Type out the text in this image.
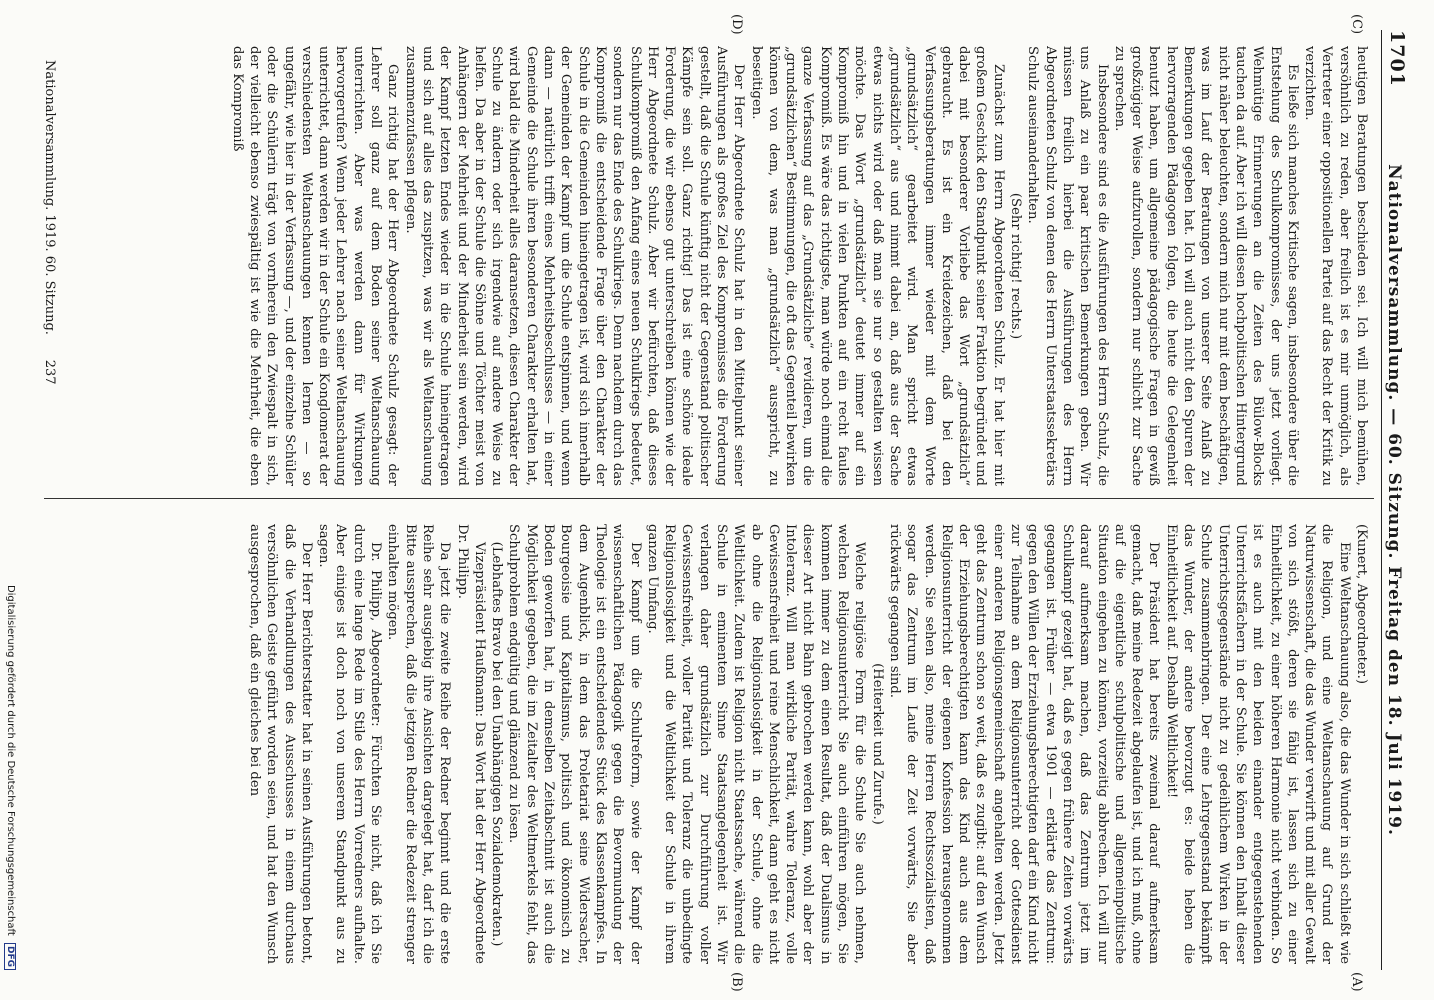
1701
Nationalversammlung. — 60. Sitzung. Freitag den 18. Juli 1919.
(C)
(D)
(A)
(B)

heutigen Beratungen beschieden sei. Ich will mich bemühen, versöhnlich zu reden, aber freilich ist es mir unmöglich, als Vertreter einer oppositionellen Partei auf das Recht der Kritik zu verzichten.

Es ließe sich manches Kritische sagen, insbesondere über die Entstehung des Schulkompromisses, der uns jetzt vorliegt. Wehmütige Erinnerungen an die Zeiten des Bülow-Blocks tauchen da auf. Aber ich will diesen hochpolitischen Hintergrund nicht näher beleuchten, sondern mich nur mit dem beschäftigen, was im Lauf der Beratungen von unserer Seite Anlaß zu Bemerkungen gegeben hat. Ich will auch nicht den Spuren der hervorragenden Pädagogen folgen, die heute die Gelegenheit benutzt haben, um allgemeine pädagogische Fragen in gewiß großzügiger Weise aufzurollen, sondern nur schlicht zur Sache zu sprechen.

Insbesondere sind es die Ausführungen des Herrn Schulz, die uns Anlaß zu ein paar kritischen Bemerkungen geben. Wir müssen freilich hierbei die Ausführungen des Herrn Abgeordneten Schulz von denen des Herrn Unterstaatssekretärs Schulz auseinanderhalten.

(Sehr richtig! rechts.)

Zunächst zum Herrn Abgeordneten Schulz. Er hat hier mit großem Geschick den Standpunkt seiner Fraktion begründet und dabei mit besonderer Vorliebe das Wort „grundsätzlich“ gebraucht. Es ist ein Kreidezeichen, daß bei den Verfassungsberatungen immer wieder mit dem Worte „grundsätzlich“ gearbeitet wird. Man spricht etwas „grundsätzlich“ aus und nimmt dabei an, daß aus der Sache etwas nichts wird oder daß man sie nur so gestalten wissen möchte. Das Wort „grundsätzlich“ deutet immer auf ein Kompromiß hin und in vielen Punkten auf ein recht faules Kompromiß. Es wäre das richtigste, man würde noch einmal die ganze Verfassung auf das „Grundsätzliche“ revidieren, um die „grundsätzlichen“ Bestimmungen, die oft das Gegenteil bewirken können von dem, was man „grundsätzlich“ ausspricht, zu beseitigen.

Der Herr Abgeordnete Schulz hat in den Mittelpunkt seiner Ausführungen als großes Ziel des Kompromisses die Forderung gestellt, daß die Schule künftig nicht der Gegenstand politischer Kämpfe sein soll. Ganz richtig! Das ist eine schöne ideale Forderung, die wir ebenso gut unterschreiben können wie der Herr Abgeordnete Schulz. Aber wir befürchten, daß dieses Schulkompromiß den Anfang eines neuen Schulkriegs bedeutet, sondern nur das Ende des Schulkriegs. Denn nachdem durch das Kompromiß die entscheidende Frage über den Charakter der Schule in die Gemeinden hineingetragen ist, wird sich innerhalb der Gemeinden der Kampf um die Schule entspinnen, und wenn dann — natürlich trifft eines Mehrheitsbeschlusses — in einer Gemeinde die Schule ihren besonderen Charakter erhalten hat, wird bald die Minderheit alles daransetzen, diesen Charakter der Schule zu ändern oder sich irgendwie auf andere Weise zu helfen. Da aber in der Schule die Söhne und Töchter meist von Anhängern der Mehrheit und der Minderheit sein werden, wird der Kampf letzten Endes wieder in die Schule hineingetragen und sich auf alles das zuspitzen, was wir als Weltanschauung zusammenzufassen pflegen.

Ganz richtig hat der Herr Abgeordnete Schulz gesagt: der Lehrer soll ganz auf dem Boden seiner Weltanschauung unterrichten. Aber was werden dann für Wirkungen hervorgerufen? Wenn jeder Lehrer nach seiner Weltanschauung unterrichtet, dann werden wir in der Schule ein Konglomerat der verschiedensten Weltanschauungen kennen lernen — so ungefähr, wie hier in der Verfassung —, und der einzelne Schüler oder die Schülerin trägt von vornherein den Zwiespalt in sich, der vielleicht ebenso zwiespältig ist wie die Mehrheit, die eben das Kompromiß

(Kunert, Abgeordneter.)

Eine Weltanschauung also, die das Wunder in sich schließt wie die Religion, und eine Weltanschauung auf Grund der Naturwissenschaft, die das Wunder verwirft und mit aller Gewalt von sich stößt, deren sie fähig ist, lassen sich zu einer Einheitlichkeit, zu einer höheren Harmonie nicht verbinden. So ist es auch mit den beiden einander entgegenstehenden Unterrichtsfächern in der Schule. Sie können den Inhalt dieser Unterrichtsgegenstände nicht zu gedeihlichem Wirken in der Schule zusammenbringen. Der eine Lehrgegenstand bekämpft das Wunder, der andere bevorzugt es: beide heben die Einheitlichkeit auf. Deshalb Weltlichkeit!

Der Präsident hat bereits zweimal darauf aufmerksam gemacht, daß meine Redezeit abgelaufen ist, und ich muß, ohne auf die eigentliche schulpolitische und allgemeinpolitische Situation eingehen zu können, vorzeitig abbrechen. Ich will nur darauf aufmerksam machen, daß das Zentrum jetzt im Schulkampf gezeigt hat, daß es gegen frühere Zeiten vorwärts gegangen ist. Früher — etwa 1901 — erklärte das Zentrum: gegen den Willen der Erziehungsberechtigten darf ein Kind nicht zur Teilnahme an dem Religionsunterricht oder Gottesdienst einer anderen Religionsgemeinschaft angehalten werden. Jetzt geht das Zentrum schon so weit, daß es zugibt: auf den Wunsch der Erziehungsberechtigten kann das Kind auch aus dem Religionsunterricht der eigenen Konfession herausgenommen werden. Sie sehen also, meine Herren Rechtssozialisten, daß sogar das Zentrum im Laufe der Zeit vorwärts, Sie aber rückwärts gegangen sind.

(Heiterkeit und Zurufe.)

Welche religiöse Form für die Schule Sie auch nehmen, welchen Religionsunterricht Sie auch einführen mögen, Sie kommen immer zu dem einen Resultat, daß der Dualismus in dieser Art nicht Bahn gebrochen werden kann, wohl aber der Intoleranz. Will man wirkliche Parität, wahre Toleranz, volle Gewissensfreiheit und reine Menschlichkeit, dann geht es nicht ab ohne die Religionslosigkeit in der Schule, ohne die Weltlichkeit. Zudem ist Religion nicht Staatssache, während die Schule in eminentem Sinne Staatsangelegenheit ist. Wir verlangen daher grundsätzlich zur Durchführung voller Gewissensfreiheit, voller Parität und Toleranz die unbedingte Religionslosigkeit und die Weltlichkeit der Schule in ihrem ganzen Umfang.

Der Kampf um die Schulreform, sowie der Kampf der wissenschaftlichen Pädagogik gegen die Bevormundung der Theologie ist ein entscheidendes Stück des Klassenkampfes. In dem Augenblick, in dem das Proletariat seine Widersacher, Bourgeoisie und Kapitalismus, politisch und ökonomisch zu Boden geworfen hat, in demselben Zeitabschnitt ist auch die Möglichkeit gegeben, die im Zeitalter des Weltmerkels fehlt, das Schulproblem endgültig und glänzend zu lösen.

(Lebhaftes Bravo bei den Unabhängigen Sozialdemokraten.)

Vizepräsident Haußmann: Das Wort hat der Herr Abgeordnete Dr. Philipp.

Da jetzt die zweite Reihe der Redner beginnt und die erste Reihe sehr ausgiebig ihre Ansichten dargelegt hat, darf ich die Bitte aussprechen, daß die jetzigen Redner die Redezeit strenger einhalten mögen.

Dr. Philipp, Abgeordneter: Fürchten Sie nicht, daß ich Sie durch eine lange Rede im Stile des Herrn Vorredners aufhalte. Aber einiges ist doch noch von unserem Standpunkt aus zu sagen.

Der Herr Berichterstatter hat in seinen Ausführungen betont, daß die Verhandlungen des Ausschusses in einem durchaus versöhnlichen Geiste geführt worden seien, und hat den Wunsch ausgesprochen, daß ein gleiches bei den

Nationalversammlung. 1919. 60. Sitzung.      237
Digitalisierung gefördert durch die Deutsche Forschungsgemeinschaft DFG
